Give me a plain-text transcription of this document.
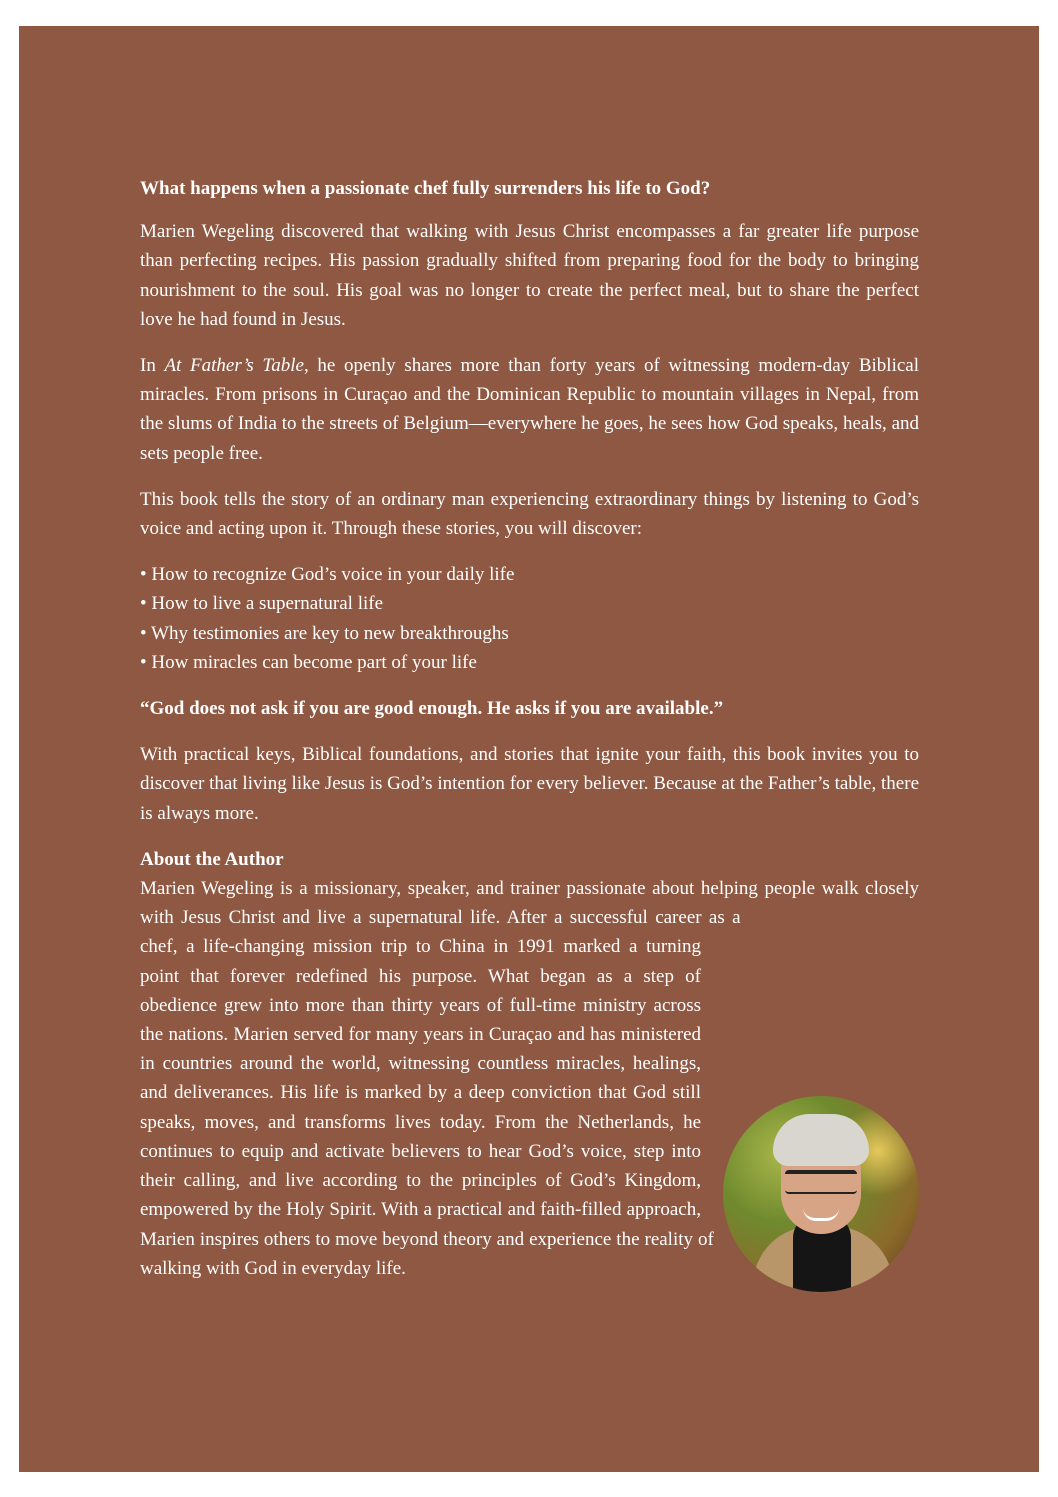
What happens when a passionate chef fully surrenders his life to God?

Marien Wegeling discovered that walking with Jesus Christ encompasses a far greater life purpose than perfecting recipes. His passion gradually shifted from preparing food for the body to bringing nourishment to the soul. His goal was no longer to create the perfect meal, but to share the perfect love he had found in Jesus.

In At Father’s Table, he openly shares more than forty years of witnessing modern-day Biblical miracles. From prisons in Curaçao and the Dominican Republic to mountain villages in Nepal, from the slums of India to the streets of Belgium—everywhere he goes, he sees how God speaks, heals, and sets people free.

This book tells the story of an ordinary man experiencing extraordinary things by listening to God’s voice and acting upon it. Through these stories, you will discover:

• How to recognize God’s voice in your daily life
• How to live a supernatural life
• Why testimonies are key to new breakthroughs
• How miracles can become part of your life

“God does not ask if you are good enough. He asks if you are available.”

With practical keys, Biblical foundations, and stories that ignite your faith, this book invites you to discover that living like Jesus is God’s intention for every believer. Because at the Father’s table, there is always more.

About the Author

Marien Wegeling is a missionary, speaker, and trainer passionate about helping people walk closely with Jesus Christ and live a supernatural life. After a successful career as a chef, a life-changing mission trip to China in 1991 marked a turning point that forever redefined his purpose. What began as a step of obedience grew into more than thirty years of full-time ministry across the nations. Marien served for many years in Curaçao and has ministered in countries around the world, witnessing countless miracles, healings, and deliverances. His life is marked by a deep conviction that God still speaks, moves, and transforms lives today. From the Netherlands, he continues to equip and activate believers to hear God’s voice, step into their calling, and live according to the principles of God’s Kingdom, empowered by the Holy Spirit. With a practical and faith-filled approach, Marien inspires others to move beyond theory and experience the reality of walking with God in everyday life.
